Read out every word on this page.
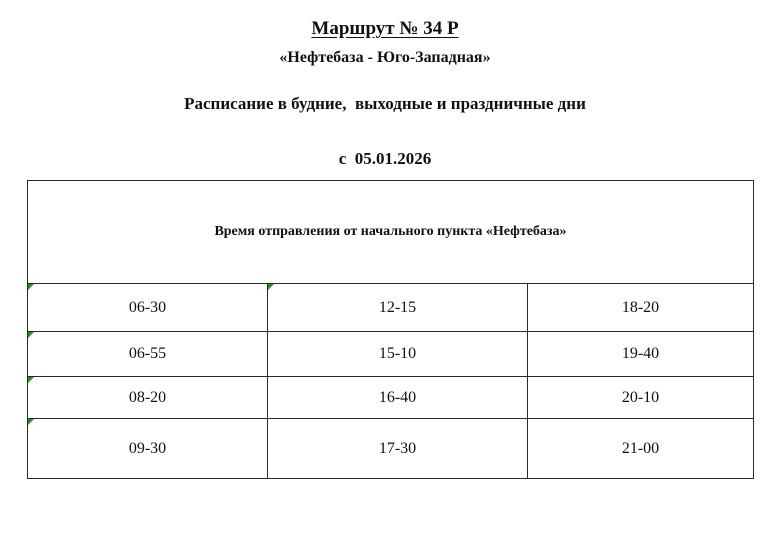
Маршрут № 34 Р
«Нефтебаза - Юго-Западная»
Расписание в будние,  выходные и праздничные дни
с  05.01.2026
Время отправления от начального пункта «Нефтебаза»		

06-30	12-15	18-20

06-55	15-10	19-40

08-20	16-40	20-10

09-30	17-30	21-00
